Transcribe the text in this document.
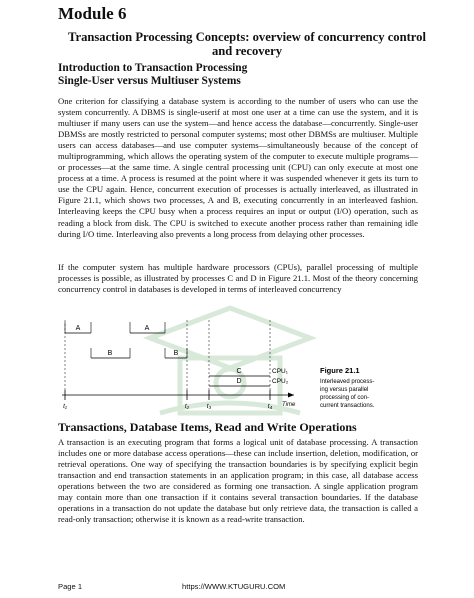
Module 6
Transaction Processing Concepts: overview of concurrency control and recovery
Introduction to Transaction Processing
Single-User versus Multiuser Systems

One criterion for classifying a database system is according to the number of users who can use the system concurrently. A DBMS is single-userif at most one user at a time can use the system, and it is multiuser if many users can use the system—and hence access the database—concurrently. Single-user DBMSs are mostly restricted to personal computer systems; most other DBMSs are multiuser. Multiple users can access databases—and use computer systems—simultaneously because of the concept of multiprogramming, which allows the operating system of the computer to execute multiple programs—or processes—at the same time. A single central processing unit (CPU) can only execute at most one process at a time. A process is resumed at the point where it was suspended whenever it gets its turn to use the CPU again. Hence, concurrent execution of processes is actually interleaved, as illustrated in Figure 21.1, which shows two processes, A and B, executing concurrently in an interleaved fashion. Interleaving keeps the CPU busy when a process requires an input or output (I/O) operation, such as reading a block from disk. The CPU is switched to execute another process rather than remaining idle during I/O time. Interleaving also prevents a long process from delaying other processes.

If the computer system has multiple hardware processors (CPUs), parallel processing of multiple processes is possible, as illustrated by processes C and D in Figure 21.1. Most of the theory concerning concurrency control in databases is developed in terms of interleaved concurrency

A	A
B	B
C
D
CPU₁
CPU₂
t₁	t₂	t₃	t₄ Time
Figure 21.1
Interleaved process-
ing versus parallel
processing of con-
current transactions.
Transactions, Database Items, Read and Write Operations

A transaction is an executing program that forms a logical unit of database processing. A transaction includes one or more database access operations—these can include insertion, deletion, modification, or retrieval operations. One way of specifying the transaction boundaries is by specifying explicit begin transaction and end transaction statements in an application program; in this case, all database access operations between the two are considered as forming one transaction. A single application program may contain more than one transaction if it contains several transaction boundaries. If the database operations in a transaction do not update the database but only retrieve data, the transaction is called a read-only transaction; otherwise it is known as a read-write transaction.

Page 1	https://WWW.KTUGURU.COM
